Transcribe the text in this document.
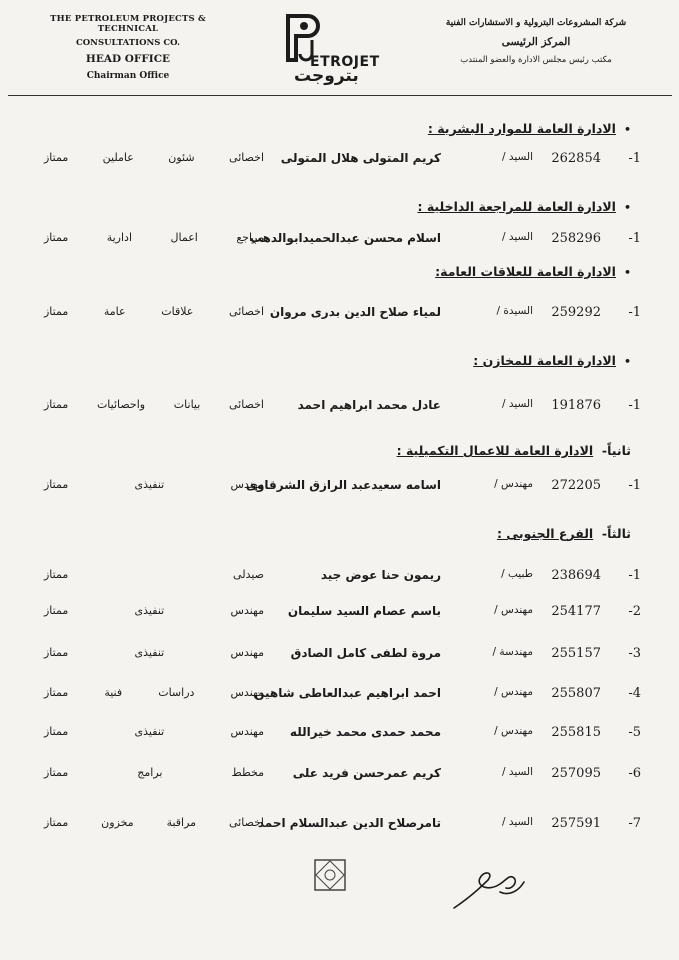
THE PETROLEUM PROJECTS & TECHNICAL
CONSULTATIONS CO.
HEAD OFFICE
Chairman Office
ETROJET
بتروجت
شركة المشروعات البترولية و الاستشارات الفنية
المركز الرئيسى
مكتب رئيس مجلس الادارة والعضو المنتدب
•الادارة العامة للموارد البشرية :
-1
262854
السيد /
كريم المتولى هلال المتولى
اخصائى شئون عاملين ممتاز
•الادارة العامة للمراجعة الداخلية :
-1
258296
السيد /
اسلام محسن عبدالحميدابوالدهب
مراجع اعمال ادارية ممتاز
•الادارة العامة للعلاقات العامة:
-1
259292
السيدة /
لمياء صلاح الدين بدرى مروان
اخصائى علاقات عامة ممتاز
•الادارة العامة للمخازن :
-1
191876
السيد /
عادل محمد ابراهيم احمد
اخصائى بيانات واحصائيات ممتاز
ثانياً-  الادارة العامة للاعمال التكميلية :
-1
272205
مهندس /
اسامه سعيدعبد الرازق الشرقاوى
مهندس تنفيذى ممتاز
ثالثاً-  الفرع الجنوبى :
-1
238694
طبيب /
ريمون حنا عوض جيد
صيدلى ممتاز
-2
254177
مهندس /
باسم عصام السيد سليمان
مهندس تنفيذى ممتاز
-3
255157
مهندسة /
مروة لطفى كامل الصادق
مهندس تنفيذى ممتاز
-4
255807
مهندس /
احمد ابراهيم عبدالعاطى شاهين
مهندس دراسات فنية ممتاز
-5
255815
مهندس /
محمد حمدى محمد خيرالله
مهندس تنفيذى ممتاز
-6
257095
السيد /
كريم عمرحسن فريد على
مخطط برامج ممتاز
-7
257591
السيد /
تامرصلاح الدين عبدالسلام احمد
اخصائى مراقبة مخزون ممتاز
